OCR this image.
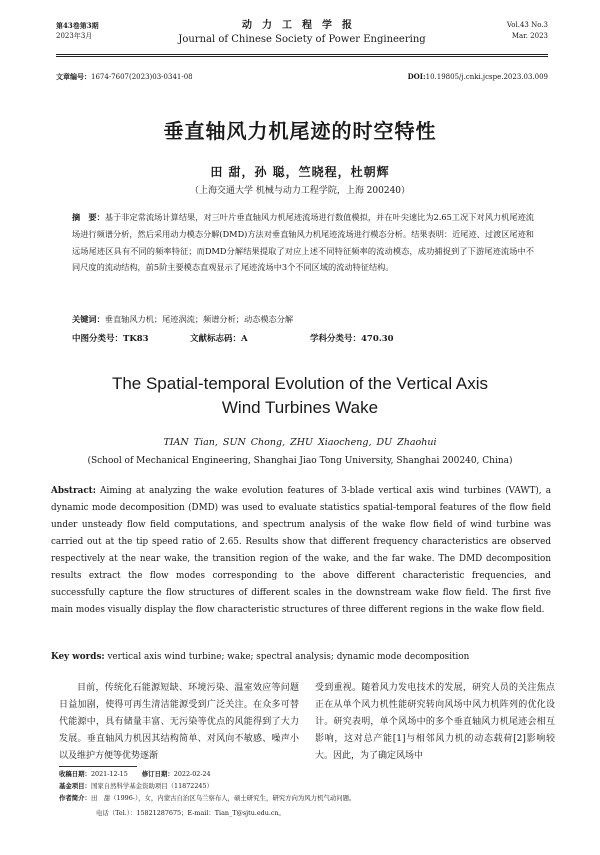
第43卷第3期
2023年3月
动力工程学报
Journal of Chinese Society of Power Engineering
Vol.43 No.3
Mar. 2023
文章编号：1674-7607(2023)03-0341-08	DOI:10.19805/j.cnki.jcspe.2023.03.009
垂直轴风力机尾迹的时空特性
田 甜，孙 聪，竺晓程，杜朝辉
（上海交通大学 机械与动力工程学院，上海 200240）
摘　要：基于非定常流场计算结果，对三叶片垂直轴风力机尾迹流场进行数值模拟，并在叶尖速比为2.65工况下对风力机尾迹流场进行频谱分析，然后采用动力模态分解(DMD)方法对垂直轴风力机尾迹流场进行模态分析。结果表明：近尾迹、过渡区尾迹和远场尾迹区具有不同的频率特征；而DMD分解结果提取了对应上述不同特征频率的流动模态，成功捕捉到了下游尾迹流场中不同尺度的流动结构，前5阶主要模态直观显示了尾迹流场中3个不同区域的流动特征结构。
关键词：垂直轴风力机；尾迹涡流；频谱分析；动态模态分解
中图分类号：TK83	文献标志码：A	学科分类号：470.30
The Spatial-temporal Evolution of the Vertical Axis
Wind Turbines Wake
TIAN Tian, SUN Chong, ZHU Xiaocheng, DU Zhaohui
(School of Mechanical Engineering, Shanghai Jiao Tong University, Shanghai 200240, China)
Abstract: Aiming at analyzing the wake evolution features of 3-blade vertical axis wind turbines (VAWT), a dynamic mode decomposition (DMD) was used to evaluate statistics spatial-temporal features of the flow field under unsteady flow field computations, and spectrum analysis of the wake flow field of wind turbine was carried out at the tip speed ratio of 2.65. Results show that different frequency characteristics are observed respectively at the near wake, the transition region of the wake, and the far wake. The DMD decomposition results extract the flow modes corresponding to the above different characteristic frequencies, and successfully capture the flow structures of different scales in the downstream wake flow field. The first five main modes visually display the flow characteristic structures of three different regions in the wake flow field.
Key words: vertical axis wind turbine; wake; spectral analysis; dynamic mode decomposition
目前，传统化石能源短缺、环境污染、温室效应等问题日益加剧，使得可再生清洁能源受到广泛关注。在众多可替代能源中，具有储量丰富、无污染等优点的风能得到了大力发展。垂直轴风力机因其结构简单、对风向不敏感、噪声小以及维护方便等优势逐渐
受到重视。随着风力发电技术的发展，研究人员的关注焦点正在从单个风力机性能研究转向风场中风力机阵列的优化设计。研究表明，单个风场中的多个垂直轴风力机尾迹会相互影响，这对总产能[1]与相邻风力机的动态载荷[2]影响较大。因此，为了确定风场中
收稿日期：2021-12-15 修订日期：2022-02-24
基金项目：国家自然科学基金资助项目（11872245）
作者简介：田　甜（1996-），女，内蒙古自治区乌兰察布人，硕士研究生，研究方向为风力机气动问题。
电话（Tel.）：15821287675；E-mail：Tian_T@sjtu.edu.cn。
